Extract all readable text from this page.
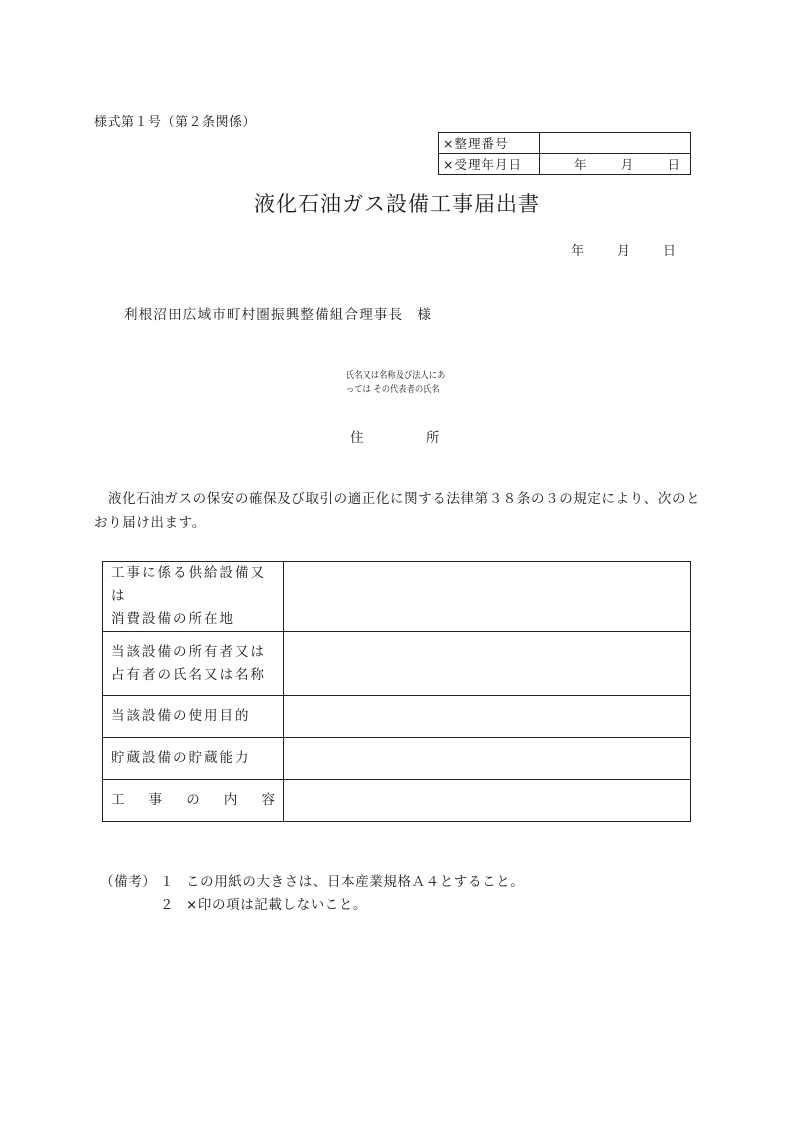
様式第１号（第２条関係）
×整理番号	
×受理年月日	年 月 日
液化石油ガス設備工事届出書
年	月	日
利根沼田広域市町村圏振興整備組合理事長 様
氏名又は名称及び法人にあ
っては その代表者の氏名
住	所
液化石油ガスの保安の確保及び取引の適正化に関する法律第３８条の３の規定により、次のとおり届け出ます。
工事に係る供給設備又は
消費設備の所在地	

当該設備の所有者又は
占有者の氏名又は名称	

当該設備の使用目的	
貯蔵設備の貯蔵能力	

工 事 の 内 容	

（備考） １ この用紙の大きさは、日本産業規格Ａ４とすること。
２ ×印の項は記載しないこと。
